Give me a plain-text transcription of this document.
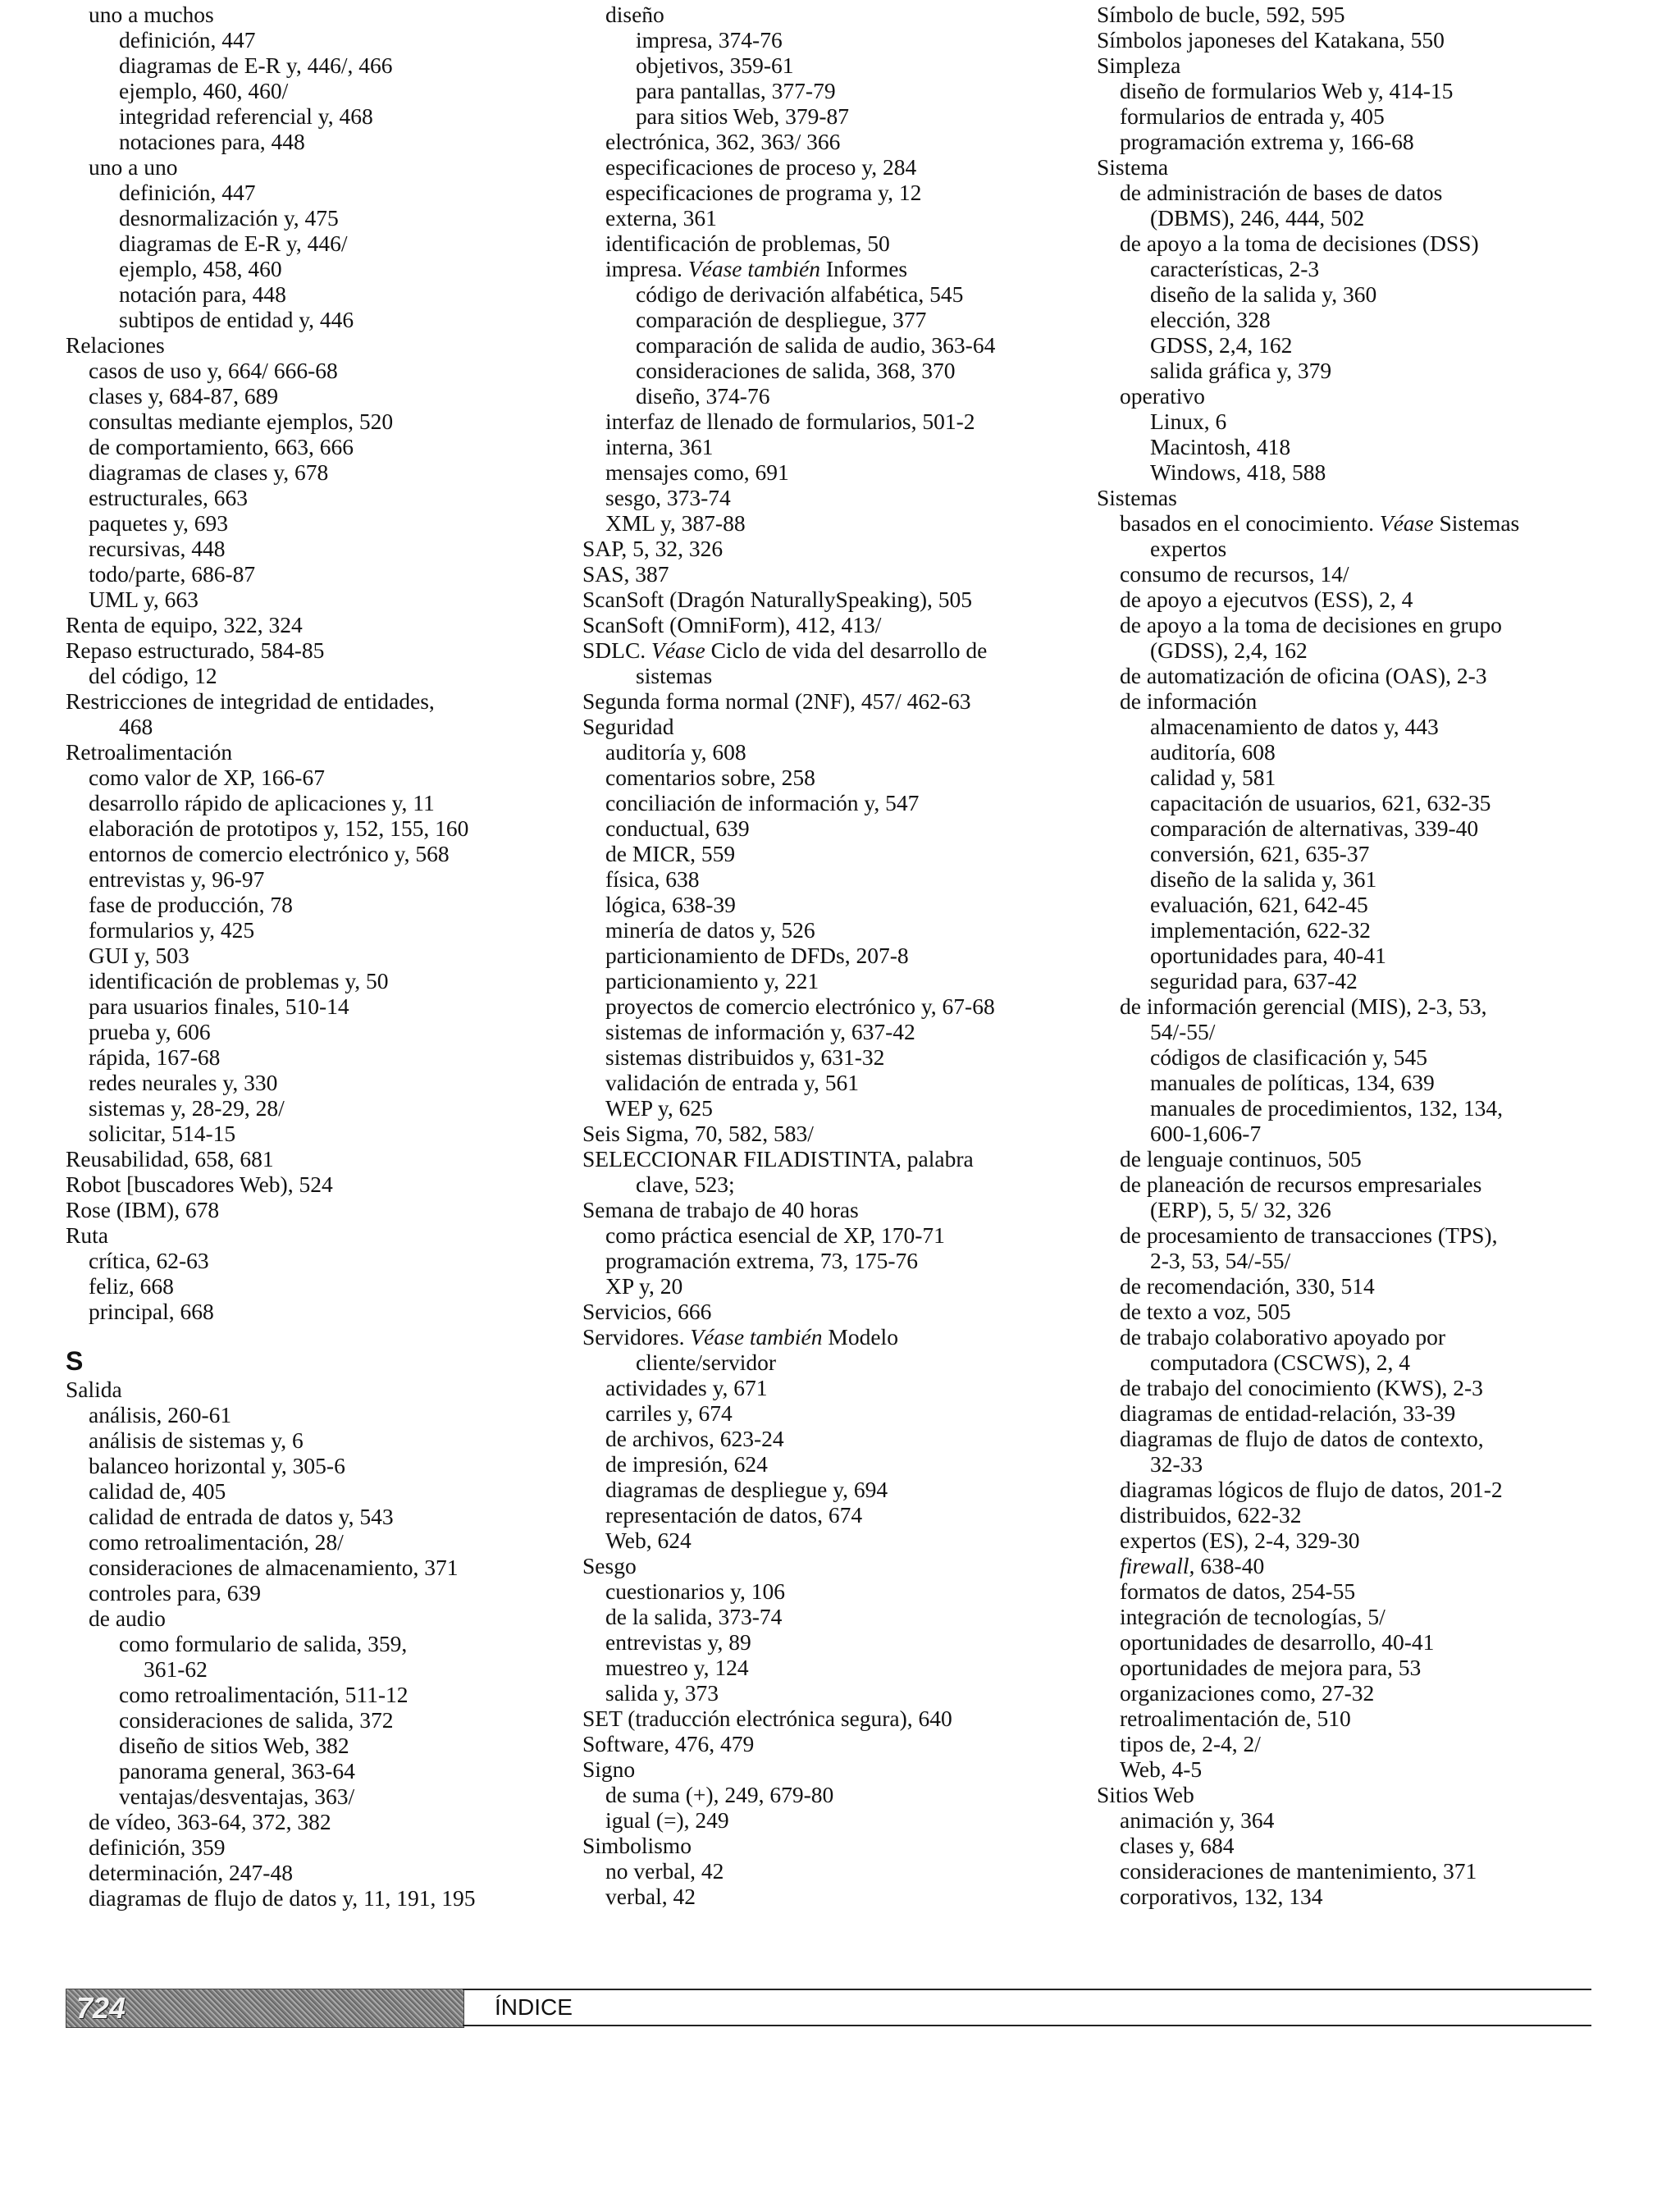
uno a muchos
definición, 447
diagramas de E-R y, 446/, 466
ejemplo, 460, 460/
integridad referencial y, 468
notaciones para, 448
uno a uno
definición, 447
desnormalización y, 475
diagramas de E-R y, 446/
ejemplo, 458, 460
notación para, 448
subtipos de entidad y, 446
Relaciones
casos de uso y, 664/ 666-68
clases y, 684-87, 689
consultas mediante ejemplos, 520
de comportamiento, 663, 666
diagramas de clases y, 678
estructurales, 663
paquetes y, 693
recursivas, 448
todo/parte, 686-87
UML y, 663
Renta de equipo, 322, 324
Repaso estructurado, 584-85
del código, 12
Restricciones de integridad de entidades,
468
Retroalimentación
como valor de XP, 166-67
desarrollo rápido de aplicaciones y, 11
elaboración de prototipos y, 152, 155, 160
entornos de comercio electrónico y, 568
entrevistas y, 96-97
fase de producción, 78
formularios y, 425
GUI y, 503
identificación de problemas y, 50
para usuarios finales, 510-14
prueba y, 606
rápida, 167-68
redes neurales y, 330
sistemas y, 28-29, 28/
solicitar, 514-15
Reusabilidad, 658, 681
Robot [buscadores Web), 524
Rose (IBM), 678
Ruta
crítica, 62-63
feliz, 668
principal, 668
S
Salida
análisis, 260-61
análisis de sistemas y, 6
balanceo horizontal y, 305-6
calidad de, 405
calidad de entrada de datos y, 543
como retroalimentación, 28/
consideraciones de almacenamiento, 371
controles para, 639
de audio
como formulario de salida, 359,
361-62
como retroalimentación, 511-12
consideraciones de salida, 372
diseño de sitios Web, 382
panorama general, 363-64
ventajas/desventajas, 363/
de vídeo, 363-64, 372, 382
definición, 359
determinación, 247-48
diagramas de flujo de datos y, 11, 191, 195
diseño
impresa, 374-76
objetivos, 359-61
para pantallas, 377-79
para sitios Web, 379-87
electrónica, 362, 363/ 366
especificaciones de proceso y, 284
especificaciones de programa y, 12
externa, 361
identificación de problemas, 50
impresa. Véase también Informes
código de derivación alfabética, 545
comparación de despliegue, 377
comparación de salida de audio, 363-64
consideraciones de salida, 368, 370
diseño, 374-76
interfaz de llenado de formularios, 501-2
interna, 361
mensajes como, 691
sesgo, 373-74
XML y, 387-88
SAP, 5, 32, 326
SAS, 387
ScanSoft (Dragón NaturallySpeaking), 505
ScanSoft (OmniForm), 412, 413/
SDLC. Véase Ciclo de vida del desarrollo de
sistemas
Segunda forma normal (2NF), 457/ 462-63
Seguridad
auditoría y, 608
comentarios sobre, 258
conciliación de información y, 547
conductual, 639
de MICR, 559
física, 638
lógica, 638-39
minería de datos y, 526
particionamiento de DFDs, 207-8
particionamiento y, 221
proyectos de comercio electrónico y, 67-68
sistemas de información y, 637-42
sistemas distribuidos y, 631-32
validación de entrada y, 561
WEP y, 625
Seis Sigma, 70, 582, 583/
SELECCIONAR FILADISTINTA, palabra
clave, 523;
Semana de trabajo de 40 horas
como práctica esencial de XP, 170-71
programación extrema, 73, 175-76
XP y, 20
Servicios, 666
Servidores. Véase también Modelo
cliente/servidor
actividades y, 671
carriles y, 674
de archivos, 623-24
de impresión, 624
diagramas de despliegue y, 694
representación de datos, 674
Web, 624
Sesgo
cuestionarios y, 106
de la salida, 373-74
entrevistas y, 89
muestreo y, 124
salida y, 373
SET (traducción electrónica segura), 640
Software, 476, 479
Signo
de suma (+), 249, 679-80
igual (=), 249
Simbolismo
no verbal, 42
verbal, 42
Símbolo de bucle, 592, 595
Símbolos japoneses del Katakana, 550
Simpleza
diseño de formularios Web y, 414-15
formularios de entrada y, 405
programación extrema y, 166-68
Sistema
de administración de bases de datos
(DBMS), 246, 444, 502
de apoyo a la toma de decisiones (DSS)
características, 2-3
diseño de la salida y, 360
elección, 328
GDSS, 2,4, 162
salida gráfica y, 379
operativo
Linux, 6
Macintosh, 418
Windows, 418, 588
Sistemas
basados en el conocimiento. Véase Sistemas
expertos
consumo de recursos, 14/
de apoyo a ejecutvos (ESS), 2, 4
de apoyo a la toma de decisiones en grupo
(GDSS), 2,4, 162
de automatización de oficina (OAS), 2-3
de información
almacenamiento de datos y, 443
auditoría, 608
calidad y, 581
capacitación de usuarios, 621, 632-35
comparación de alternativas, 339-40
conversión, 621, 635-37
diseño de la salida y, 361
evaluación, 621, 642-45
implementación, 622-32
oportunidades para, 40-41
seguridad para, 637-42
de información gerencial (MIS), 2-3, 53,
54/-55/
códigos de clasificación y, 545
manuales de políticas, 134, 639
manuales de procedimientos, 132, 134,
600-1,606-7
de lenguaje continuos, 505
de planeación de recursos empresariales
(ERP), 5, 5/ 32, 326
de procesamiento de transacciones (TPS),
2-3, 53, 54/-55/
de recomendación, 330, 514
de texto a voz, 505
de trabajo colaborativo apoyado por
computadora (CSCWS), 2, 4
de trabajo del conocimiento (KWS), 2-3
diagramas de entidad-relación, 33-39
diagramas de flujo de datos de contexto,
32-33
diagramas lógicos de flujo de datos, 201-2
distribuidos, 622-32
expertos (ES), 2-4, 329-30
firewall, 638-40
formatos de datos, 254-55
integración de tecnologías, 5/
oportunidades de desarrollo, 40-41
oportunidades de mejora para, 53
organizaciones como, 27-32
retroalimentación de, 510
tipos de, 2-4, 2/
Web, 4-5
Sitios Web
animación y, 364
clases y, 684
consideraciones de mantenimiento, 371
corporativos, 132, 134
724	ÍNDICE
